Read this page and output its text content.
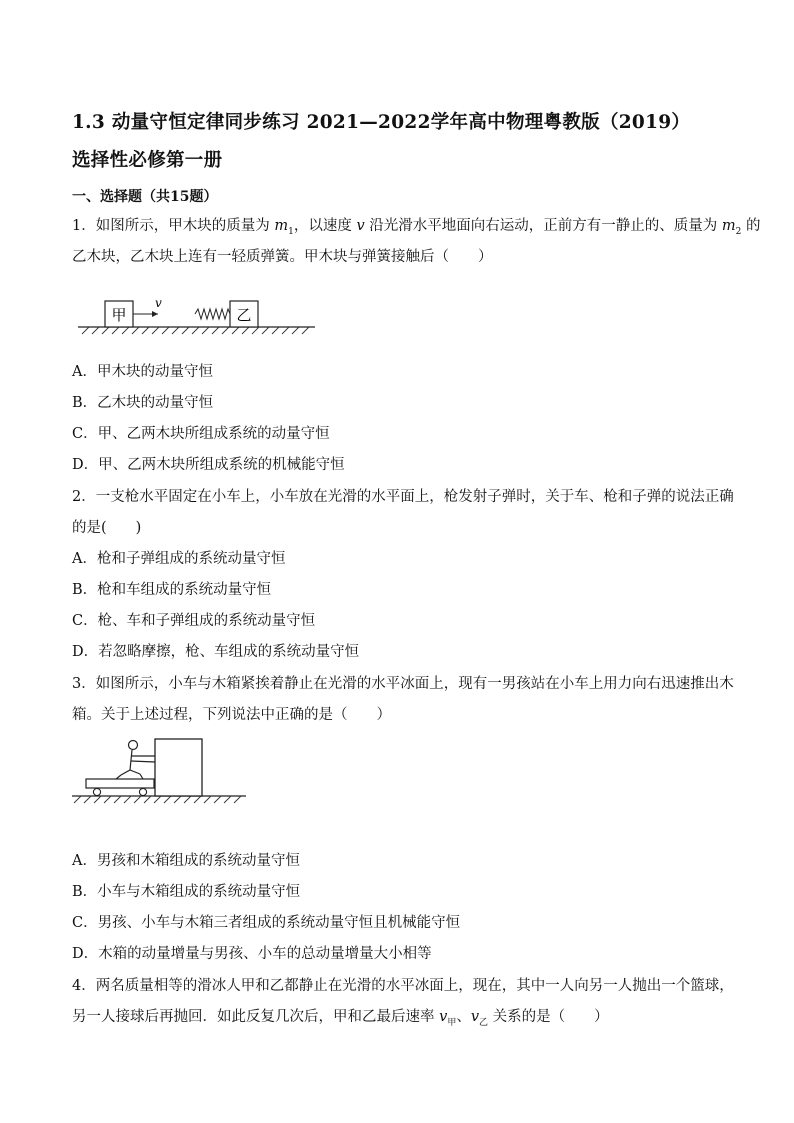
1.3 动量守恒定律同步练习 2021—2022学年高中物理粤教版（2019）
选择性必修第一册
一、选择题（共15题）
1．如图所示，甲木块的质量为 $m_1$，以速度 v 沿光滑水平地面向右运动，正前方有一静止的、质量为 $m_2$ 的
乙木块，乙木块上连有一轻质弹簧。甲木块与弹簧接触后（　　）
甲
v
乙
A．甲木块的动量守恒
B．乙木块的动量守恒
C．甲、乙两木块所组成系统的动量守恒
D．甲、乙两木块所组成系统的机械能守恒
2．一支枪水平固定在小车上，小车放在光滑的水平面上，枪发射子弹时，关于车、枪和子弹的说法正确
的是(　　)
A．枪和子弹组成的系统动量守恒
B．枪和车组成的系统动量守恒
C．枪、车和子弹组成的系统动量守恒
D．若忽略摩擦，枪、车组成的系统动量守恒
3．如图所示，小车与木箱紧挨着静止在光滑的水平冰面上，现有一男孩站在小车上用力向右迅速推出木
箱。关于上述过程，下列说法中正确的是（　　）
A．男孩和木箱组成的系统动量守恒
B．小车与木箱组成的系统动量守恒
C．男孩、小车与木箱三者组成的系统动量守恒且机械能守恒
D．木箱的动量增量与男孩、小车的总动量增量大小相等
4．两名质量相等的滑冰人甲和乙都静止在光滑的水平冰面上，现在，其中一人向另一人抛出一个篮球，
另一人接球后再抛回．如此反复几次后，甲和乙最后速率 $v_甲$、$v_乙$ 关系的是（　　）
